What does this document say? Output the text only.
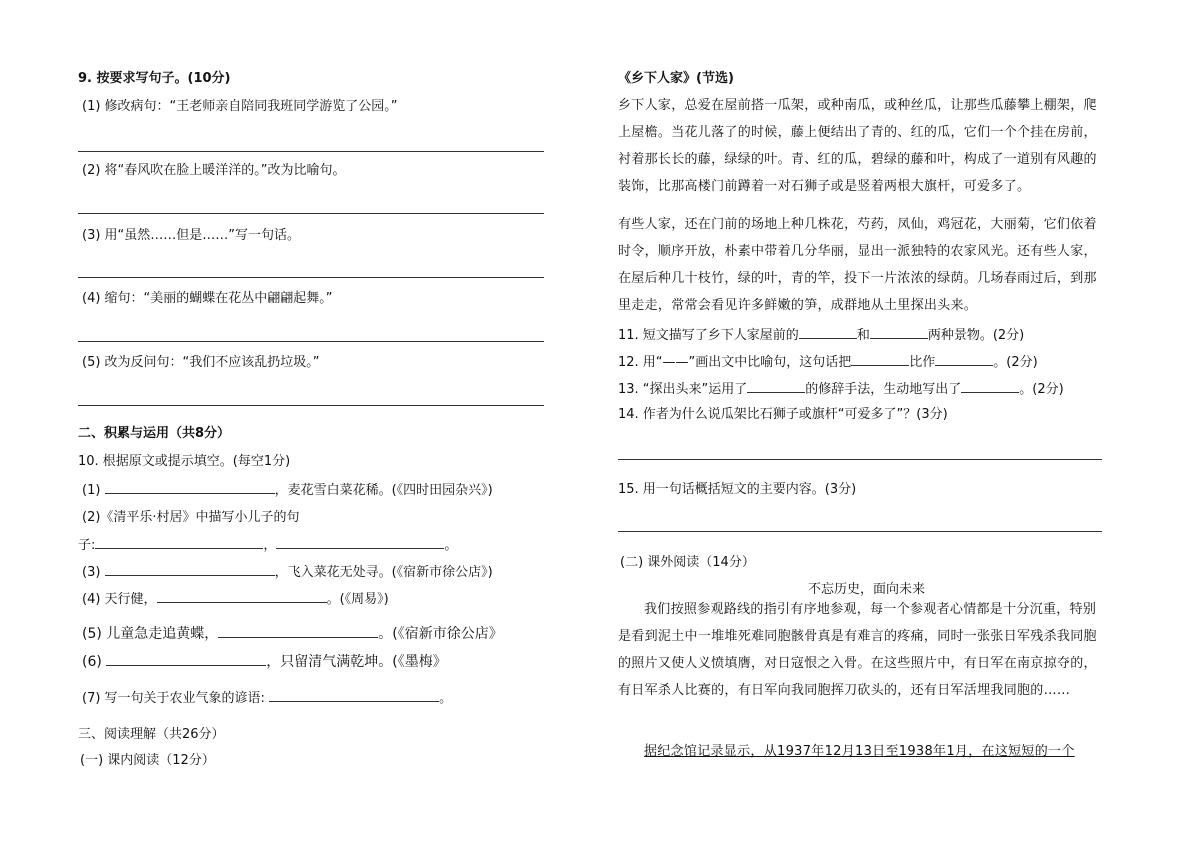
9. 按要求写句子。(10分)
(1) 修改病句：“王老师亲自陪同我班同学游览了公园。”
(2) 将“春风吹在脸上暖洋洋的。”改为比喻句。
(3) 用“虽然……但是……”写一句话。
(4) 缩句：“美丽的蝴蝶在花丛中翩翩起舞。”
(5) 改为反问句：“我们不应该乱扔垃圾。”
二、积累与运用（共8分）
10. 根据原文或提示填空。(每空1分)
(1)	，麦花雪白菜花稀。(《四时田园杂兴》)
(2)《清平乐·村居》中描写小儿子的句
子:	，	。
(3)	，飞入菜花无处寻。(《宿新市徐公店》)
(4) 天行健，	。(《周易》)
(5) 儿童急走追黄蝶，	。(《宿新市徐公店》
(6)	，只留清气满乾坤。(《墨梅》
(7) 写一句关于农业气象的谚语:	。
三、阅读理解（共26分）
(一) 课内阅读（12分）
《乡下人家》(节选)

乡下人家，总爱在屋前搭一瓜架，或种南瓜，或种丝瓜，让那些瓜藤攀上棚架，爬上屋檐。当花儿落了的时候，藤上便结出了青的、红的瓜，它们一个个挂在房前，衬着那长长的藤，绿绿的叶。青、红的瓜，碧绿的藤和叶，构成了一道别有风趣的装饰，比那高楼门前蹲着一对石狮子或是竖着两根大旗杆，可爱多了。

有些人家，还在门前的场地上种几株花，芍药，凤仙，鸡冠花，大丽菊，它们依着时令，顺序开放，朴素中带着几分华丽，显出一派独特的农家风光。还有些人家，在屋后种几十枝竹，绿的叶，青的竿，投下一片浓浓的绿荫。几场春雨过后，到那里走走，常常会看见许多鲜嫩的笋，成群地从土里探出头来。

11. 短文描写了乡下人家屋前的	和	两种景物。(2分)
12. 用“——”画出文中比喻句，这句话把	比作	。(2分)
13. “探出头来”运用了	的修辞手法，生动地写出了	。(2分)
14. 作者为什么说瓜架比石狮子或旗杆“可爱多了”？(3分)
15. 用一句话概括短文的主要内容。(3分)
(二) 课外阅读（14分）
不忘历史，面向未来

我们按照参观路线的指引有序地参观，每一个参观者心情都是十分沉重，特别是看到泥土中一堆堆死难同胞骸骨真是有难言的疼痛，同时一张张日军残杀我同胞的照片又使人义愤填膺，对日寇恨之入骨。在这些照片中，有日军在南京掠夺的，有日军杀人比赛的，有日军向我同胞挥刀砍头的，还有日军活埋我同胞的……

据纪念馆记录显示，从1937年12月13日至1938年1月，在这短短的一个
